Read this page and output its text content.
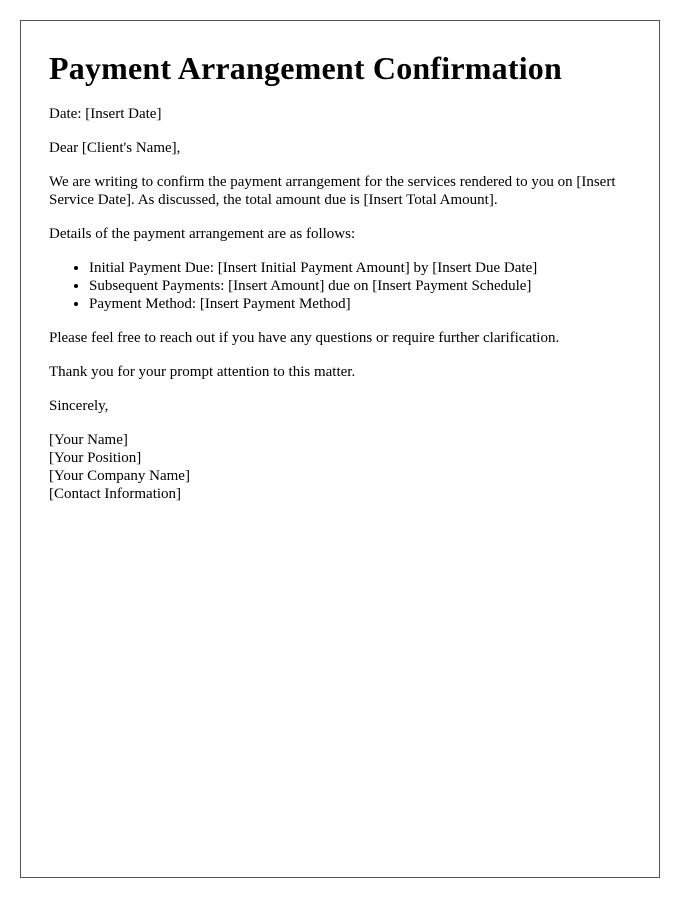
Payment Arrangement Confirmation

Date: [Insert Date]

Dear [Client's Name],

We are writing to confirm the payment arrangement for the services rendered to you on [Insert Service Date]. As discussed, the total amount due is [Insert Total Amount].

Details of the payment arrangement are as follows:

• Initial Payment Due: [Insert Initial Payment Amount] by [Insert Due Date]
• Subsequent Payments: [Insert Amount] due on [Insert Payment Schedule]
• Payment Method: [Insert Payment Method]

Please feel free to reach out if you have any questions or require further clarification.

Thank you for your prompt attention to this matter.

Sincerely,

[Your Name]
[Your Position]
[Your Company Name]
[Contact Information]
